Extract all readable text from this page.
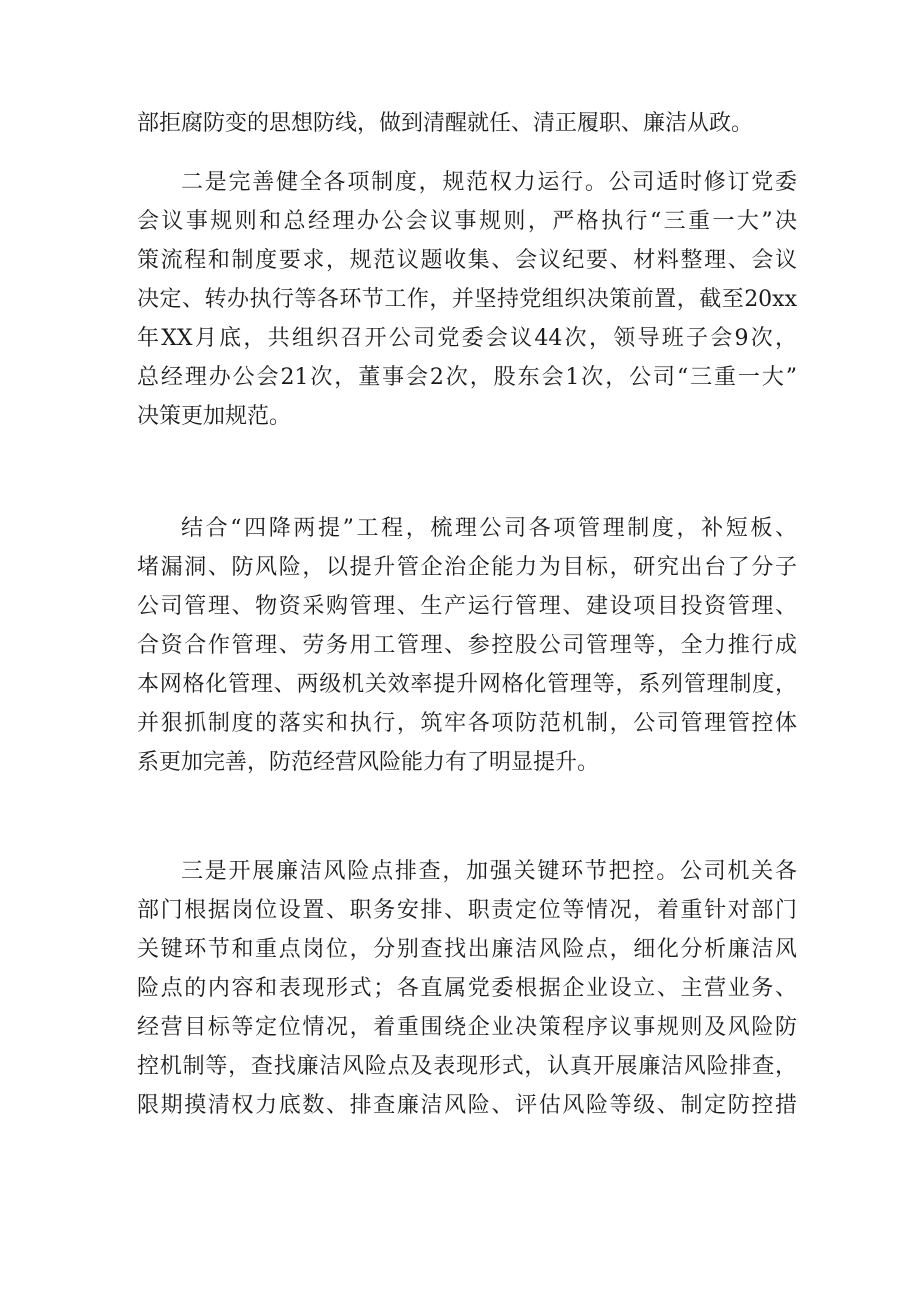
部拒腐防变的思想防线，做到清醒就任、清正履职、廉洁从政。
二是完善健全各项制度，规范权力运行。公司适时修订党委
会议事规则和总经理办公会议事规则，严格执行“三重一大”决
策流程和制度要求，规范议题收集、会议纪要、材料整理、会议
决定、转办执行等各环节工作，并坚持党组织决策前置，截至20xx
年XX月底，共组织召开公司党委会议44次，领导班子会9次，
总经理办公会21次，董事会2次，股东会1次，公司“三重一大”
决策更加规范。
结合“四降两提”工程，梳理公司各项管理制度，补短板、
堵漏洞、防风险，以提升管企治企能力为目标，研究出台了分子
公司管理、物资采购管理、生产运行管理、建设项目投资管理、
合资合作管理、劳务用工管理、参控股公司管理等，全力推行成
本网格化管理、两级机关效率提升网格化管理等，系列管理制度，
并狠抓制度的落实和执行，筑牢各项防范机制，公司管理管控体
系更加完善，防范经营风险能力有了明显提升。
三是开展廉洁风险点排查，加强关键环节把控。公司机关各
部门根据岗位设置、职务安排、职责定位等情况，着重针对部门
关键环节和重点岗位，分别查找出廉洁风险点，细化分析廉洁风
险点的内容和表现形式；各直属党委根据企业设立、主营业务、
经营目标等定位情况，着重围绕企业决策程序议事规则及风险防
控机制等，查找廉洁风险点及表现形式，认真开展廉洁风险排查，
限期摸清权力底数、排查廉洁风险、评估风险等级、制定防控措
